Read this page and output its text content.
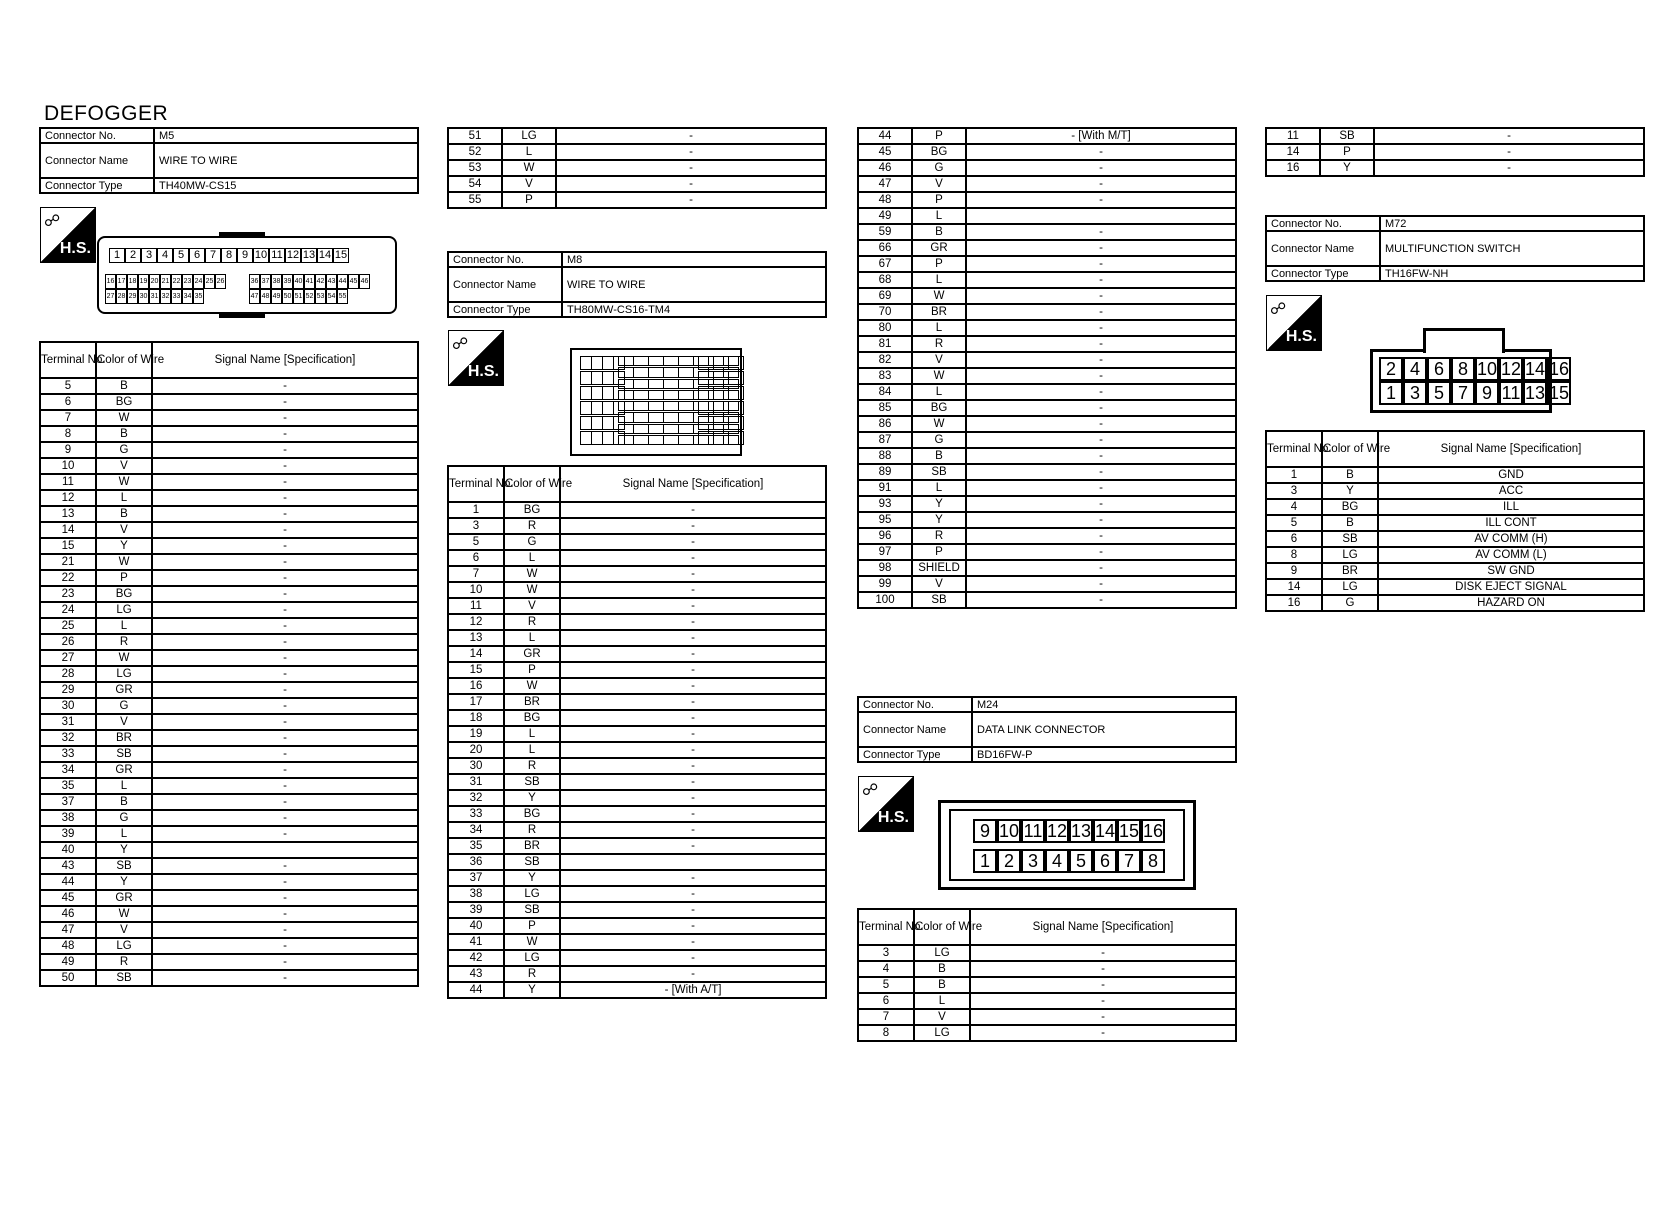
DEFOGGER
Connector No.	M5
Connector Name	WIRE TO WIRE
Connector Type	TH40MW-CS15
☍
H.S.	1 2 3 4 5 6 7 8 9 10 11 12 13 14 15
16 17 18 19 20 21 22 23 24 25 26
27 28 29 30 31 32 33 34 35
36 37 38 39 40 41 42 43 44 45 46
47 48 49 50 51 52 53 54 55
Terminal No.	Color of Wire	Signal Name [Specification]
5	B	-
6	BG	-
7	W	-
8	B	-
9	G	-
10	V	-
11	W	-
12	L	-
13	B	-
14	V	-
15	Y	-
21	W	-
22	P	-
23	BG	-
24	LG	-
25	L	-
26	R	-
27	W	-
28	LG	-
29	GR	-
30	G	-
31	V	-
32	BR	-
33	SB	-
34	GR	-
35	L	-
37	B	-
38	G	-
39	L	-
40	Y	
43	SB	-
44	Y	-
45	GR	-
46	W	-
47	V	-
48	LG	-
49	R	-
50	SB	-
51	LG	-
52	L	-
53	W	-
54	V	-
55	P	-
Connector No.	M8
Connector Name	WIRE TO WIRE
Connector Type	TH80MW-CS16-TM4
☍
H.S.
Terminal No.	Color of Wire	Signal Name [Specification]
1	BG	-
3	R	-
5	G	-
6	L	-
7	W	-
10	W	-
11	V	-
12	R	-
13	L	-
14	GR	-
15	P	-
16	W	-
17	BR	-
18	BG	-
19	L	-
20	L	-
30	R	-
31	SB	-
32	Y	-
33	BG	-
34	R	-
35	BR	-
36	SB	
37	Y	-
38	LG	-
39	SB	-
40	P	-
41	W	-
42	LG	-
43	R	-
44	Y	- [With A/T]
44	P	- [With M/T]
45	BG	-
46	G	-
47	V	-
48	P	-
49	L	
59	B	-
66	GR	-
67	P	-
68	L	-
69	W	-
70	BR	-
80	L	-
81	R	-
82	V	-
83	W	-
84	L	-
85	BG	-
86	W	-
87	G	-
88	B	-
89	SB	-
91	L	-
93	Y	-
95	Y	-
96	R	-
97	P	-
98	SHIELD	-
99	V	-
100	SB	-
Connector No.	M24
Connector Name	DATA LINK CONNECTOR
Connector Type	BD16FW-P
☍
H.S.
9 10 11 12 13 14 15 16
1 2 3 4 5 6 7 8
Terminal No.	Color of Wire	Signal Name [Specification]
3	LG	-
4	B	-
5	B	-
6	L	-
7	V	-
8	LG	-
11	SB	-
14	P	-
16	Y	-
Connector No.	M72
Connector Name	MULTIFUNCTION SWITCH
Connector Type	TH16FW-NH
☍
H.S.
2 4 6 8 10 12 14 16
1 3 5 7 9 11 13 15
Terminal No.	Color of Wire	Signal Name [Specification]
1	B	GND
3	Y	ACC
4	BG	ILL
5	B	ILL CONT
6	SB	AV COMM (H)
8	LG	AV COMM (L)
9	BR	SW GND
14	LG	DISK EJECT SIGNAL
16	G	HAZARD ON
